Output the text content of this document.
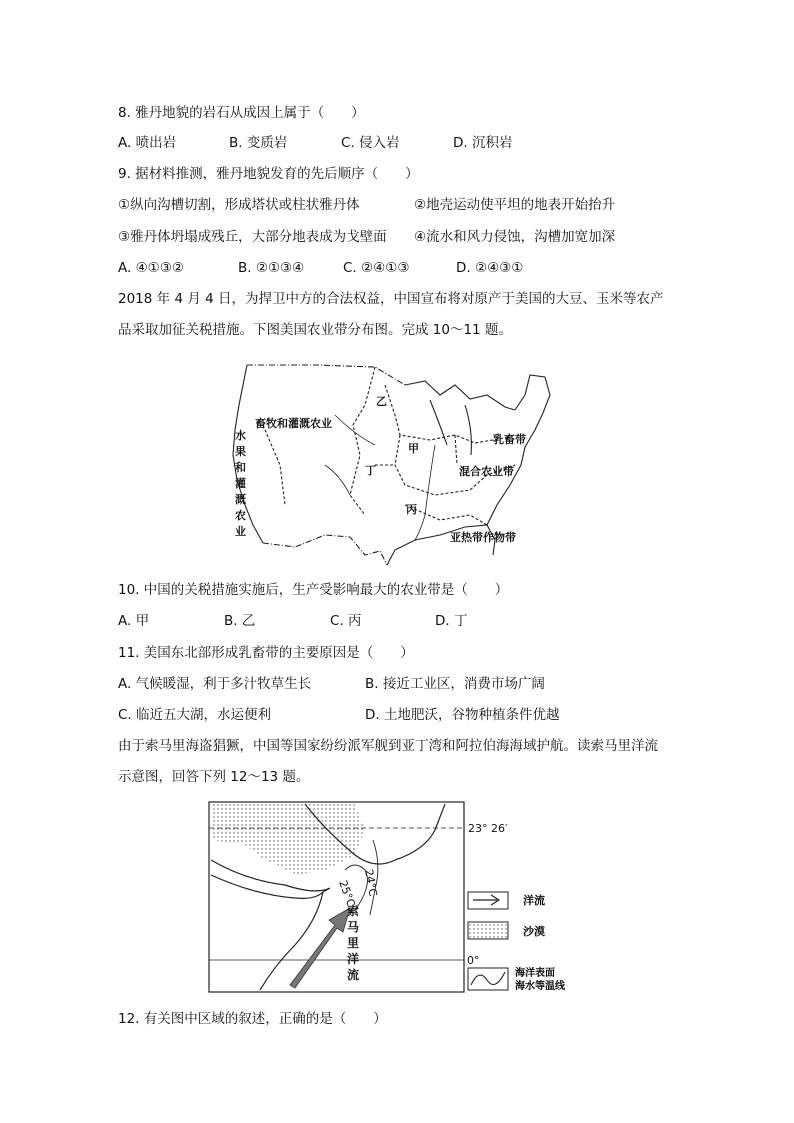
8. 雅丹地貌的岩石从成因上属于（　　）
A. 喷出岩	B. 变质岩	C. 侵入岩	D. 沉积岩
9. 据材料推测，雅丹地貌发育的先后顺序（　　）
①纵向沟槽切割，形成塔状或柱状雅丹体	②地壳运动使平坦的地表开始抬升
③雅丹体坍塌成残丘，大部分地表成为戈壁面 ④流水和风力侵蚀，沟槽加宽加深
A. ④①③②	B. ②①③④	C. ②④①③	D. ②④③①
2018 年 4 月 4 日，为捍卫中方的合法权益，中国宣布将对原产于美国的大豆、玉米等农产
品采取加征关税措施。下图美国农业带分布图。完成 10～11 题。
畜牧和灌溉农业
乙
甲
丁
丙
乳畜带
混合农业带
亚热带作物带
水
果
和
灌
溉
农
业
10. 中国的关税措施实施后，生产受影响最大的农业带是（　　）
A. 甲	B. 乙	C. 丙	D. 丁
11. 美国东北部形成乳畜带的主要原因是（　　）
A. 气候暖湿，利于多汁牧草生长	B. 接近工业区，消费市场广阔
C. 临近五大湖，水运便利	D. 土地肥沃，谷物种植条件优越
由于索马里海盗猖獗，中国等国家纷纷派军舰到亚丁湾和阿拉伯海海域护航。读索马里洋流
示意图，回答下列 12～13 题。
25°C 24°C
23° 26′
0°
索
马
里
洋
流
洋流
沙漠
海洋表面
海水等温线
12. 有关图中区域的叙述，正确的是（　　）
